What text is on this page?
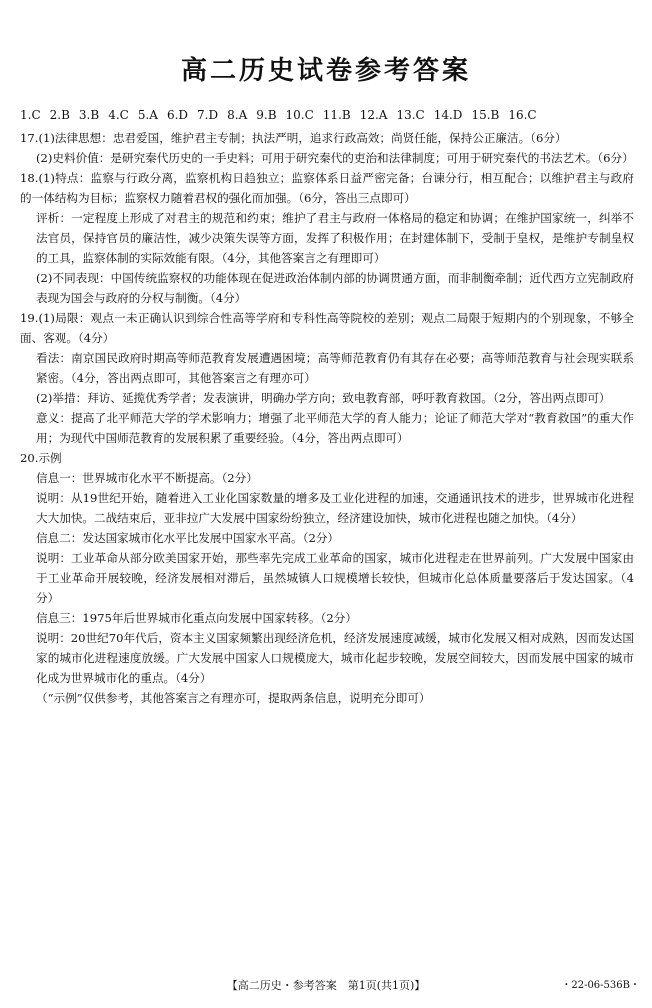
高二历史试卷参考答案
1.C 2.B 3.B 4.C 5.A 6.D 7.D 8.A 9.B 10.C 11.B 12.A 13.C 14.D 15.B 16.C

17.(1)法律思想：忠君爱国，维护君主专制；执法严明，追求行政高效；尚贤任能，保持公正廉洁。（6分）

(2)史料价值：是研究秦代历史的一手史料；可用于研究秦代的吏治和法律制度；可用于研究秦代的书法艺术。（6分）

18.(1)特点：监察与行政分离，监察机构日趋独立；监察体系日益严密完备；台谏分行，相互配合；以维护君主与政府的一体结构为目标；监察权力随着君权的强化而加强。（6分，答出三点即可）

评析：一定程度上形成了对君主的规范和约束；维护了君主与政府一体格局的稳定和协调；在维护国家统一，纠举不法官员，保持官员的廉洁性，减少决策失误等方面，发挥了积极作用；在封建体制下，受制于皇权，是维护专制皇权的工具，监察体制的实际效能有限。（4分，其他答案言之有理即可）

(2)不同表现：中国传统监察权的功能体现在促进政治体制内部的协调贯通方面，而非制衡牵制；近代西方立宪制政府表现为国会与政府的分权与制衡。（4分）

19.(1)局限：观点一未正确认识到综合性高等学府和专科性高等院校的差别；观点二局限于短期内的个别现象，不够全面、客观。（4分）

看法：南京国民政府时期高等师范教育发展遭遇困境；高等师范教育仍有其存在必要；高等师范教育与社会现实联系紧密。（4分，答出两点即可，其他答案言之有理亦可）

(2)举措：拜访、延揽优秀学者；发表演讲，明确办学方向；致电教育部，呼吁教育救国。（2分，答出两点即可）

意义：提高了北平师范大学的学术影响力；增强了北平师范大学的育人能力；论证了师范大学对“教育救国”的重大作用；为现代中国师范教育的发展积累了重要经验。（4分，答出两点即可）

20.示例

信息一：世界城市化水平不断提高。（2分）

说明：从19世纪开始，随着进入工业化国家数量的增多及工业化进程的加速，交通通讯技术的进步，世界城市化进程大大加快。二战结束后，亚非拉广大发展中国家纷纷独立，经济建设加快，城市化进程也随之加快。（4分）

信息二：发达国家城市化水平比发展中国家水平高。（2分）

说明：工业革命从部分欧美国家开始，那些率先完成工业革命的国家，城市化进程走在世界前列。广大发展中国家由于工业革命开展较晚，经济发展相对滞后，虽然城镇人口规模增长较快，但城市化总体质量要落后于发达国家。（4分）

信息三：1975年后世界城市化重点向发展中国家转移。（2分）

说明：20世纪70年代后，资本主义国家频繁出现经济危机，经济发展速度减缓，城市化发展又相对成熟，因而发达国家的城市化进程速度放缓。广大发展中国家人口规模庞大，城市化起步较晚，发展空间较大，因而发展中国家的城市化成为世界城市化的重点。（4分）

（“示例”仅供参考，其他答案言之有理亦可，提取两条信息，说明充分即可）

【高二历史・参考答案　第1页(共1页)】	・22-06-536B・
